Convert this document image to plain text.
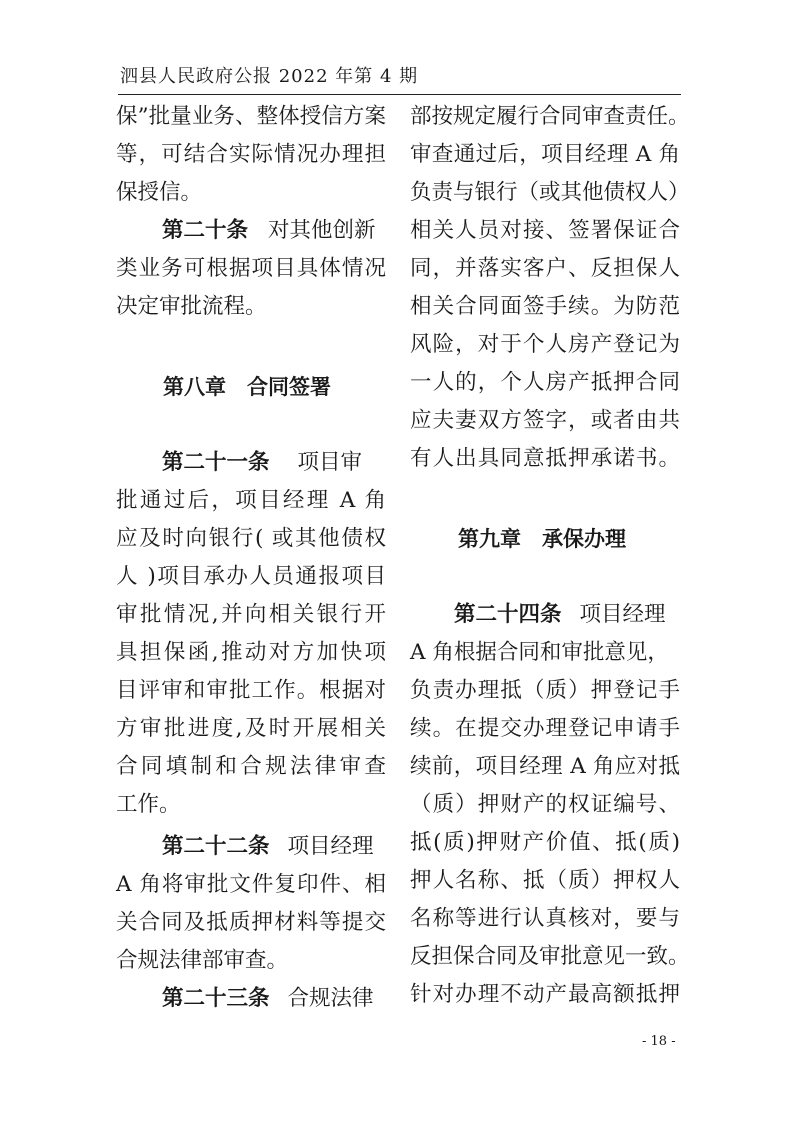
泗县人民政府公报 2022 年第 4 期
保”批量业务、整体授信方案
等，可结合实际情况办理担
保授信。
第二十条 对其他创新
类业务可根据项目具体情况
决定审批流程。
第八章　合同签署
第二十一条 项目审
批通过后，项目经理 A 角
应及时向银行( 或其他债权
人 )项目承办人员通报项目
审批情况,并向相关银行开
具担保函,推动对方加快项
目评审和审批工作。根据对
方审批进度,及时开展相关
合同填制和合规法律审查
工作。
第二十二条 项目经理
A 角将审批文件复印件、相
关合同及抵质押材料等提交
合规法律部审查。
第二十三条 合规法律
部按规定履行合同审查责任。
审查通过后，项目经理 A 角
负责与银行（或其他债权人）
相关人员对接、签署保证合
同，并落实客户、反担保人
相关合同面签手续。为防范
风险，对于个人房产登记为
一人的，个人房产抵押合同
应夫妻双方签字，或者由共
有人出具同意抵押承诺书。
第九章　承保办理
第二十四条 项目经理
A 角根据合同和审批意见，
负责办理抵（质）押登记手
续。在提交办理登记申请手
续前，项目经理 A 角应对抵
（质）押财产的权证编号、
抵(质)押财产价值、抵(质)
押人名称、抵（质）押权人
名称等进行认真核对，要与
反担保合同及审批意见一致。
针对办理不动产最高额抵押
- 18 -
